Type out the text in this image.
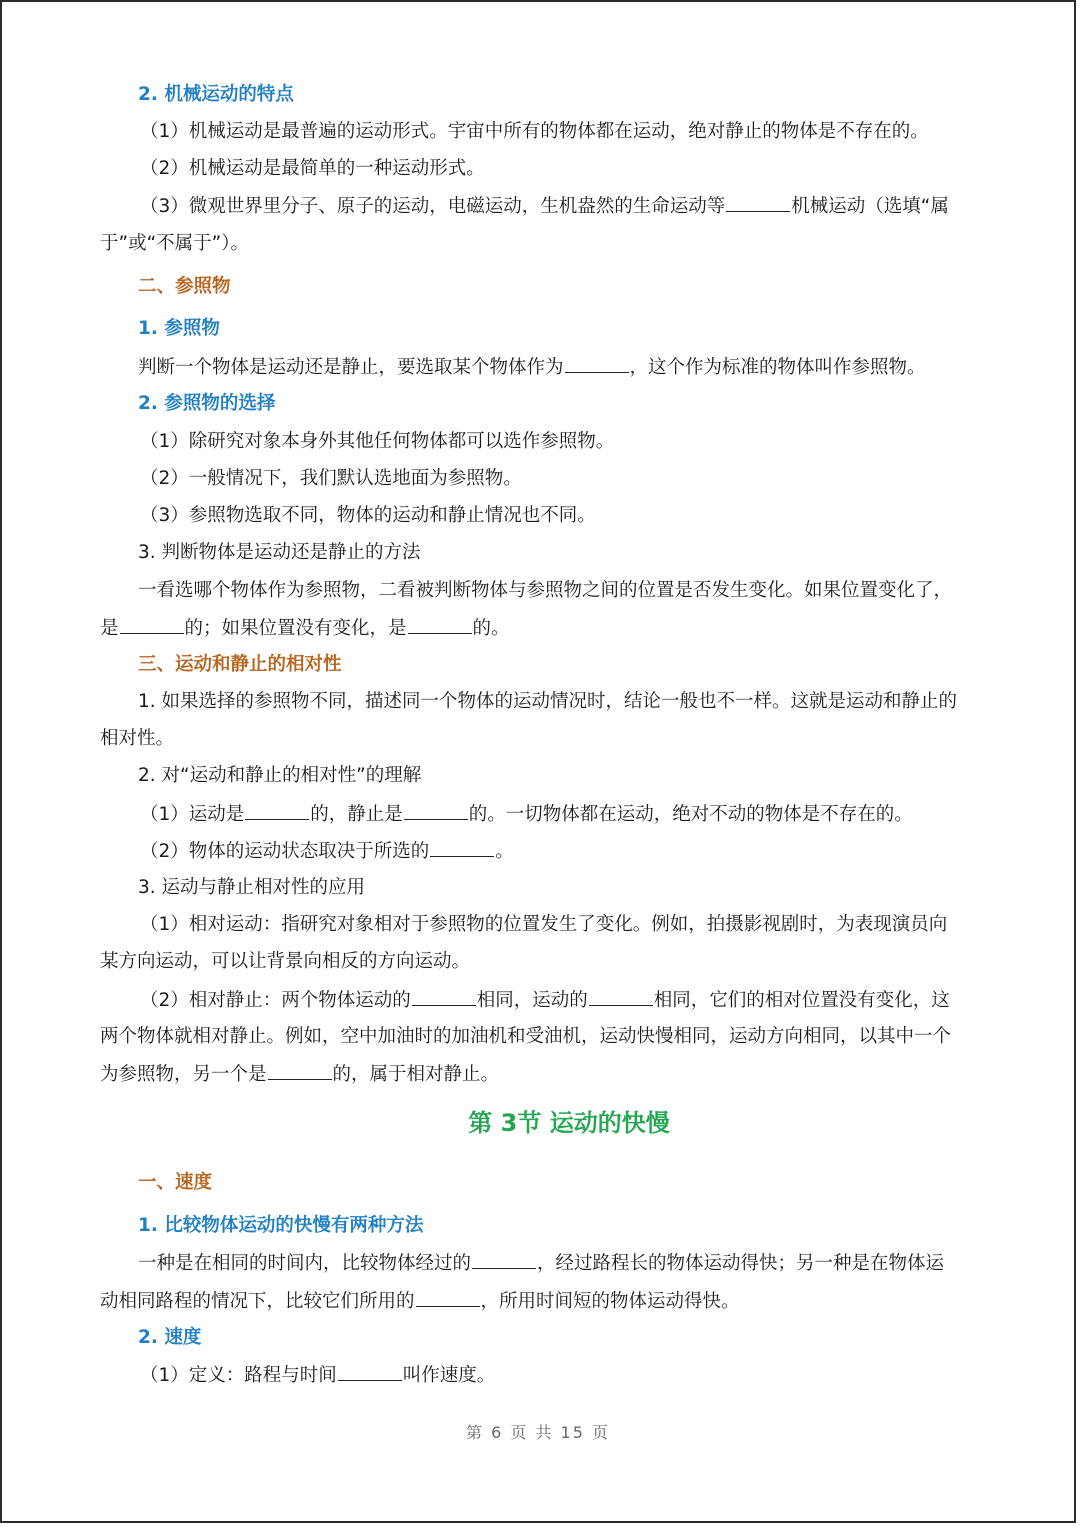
2. 机械运动的特点
（1）机械运动是最普遍的运动形式。宇宙中所有的物体都在运动，绝对静止的物体是不存在的。
（2）机械运动是最简单的一种运动形式。
（3）微观世界里分子、原子的运动，电磁运动，生机盎然的生命运动等	机械运动（选填“属
于”或“不属于”）。
二、参照物
1. 参照物
判断一个物体是运动还是静止，要选取某个物体作为	，这个作为标准的物体叫作参照物。
2. 参照物的选择
（1）除研究对象本身外其他任何物体都可以选作参照物。
（2）一般情况下，我们默认选地面为参照物。
（3）参照物选取不同，物体的运动和静止情况也不同。
3. 判断物体是运动还是静止的方法
一看选哪个物体作为参照物，二看被判断物体与参照物之间的位置是否发生变化。如果位置变化了，
是	的；如果位置没有变化，是	的。
三、运动和静止的相对性
1. 如果选择的参照物不同，描述同一个物体的运动情况时，结论一般也不一样。这就是运动和静止的
相对性。
2. 对“运动和静止的相对性”的理解
（1）运动是	的，静止是	的。一切物体都在运动，绝对不动的物体是不存在的。
（2）物体的运动状态取决于所选的	。
3. 运动与静止相对性的应用
（1）相对运动：指研究对象相对于参照物的位置发生了变化。例如，拍摄影视剧时，为表现演员向
某方向运动，可以让背景向相反的方向运动。
（2）相对静止：两个物体运动的	相同，运动的	相同，它们的相对位置没有变化，这
两个物体就相对静止。例如，空中加油时的加油机和受油机，运动快慢相同，运动方向相同，以其中一个
为参照物，另一个是	的，属于相对静止。
第 3节 运动的快慢
一、速度
1. 比较物体运动的快慢有两种方法
一种是在相同的时间内，比较物体经过的	，经过路程长的物体运动得快；另一种是在物体运
动相同路程的情况下，比较它们所用的	，所用时间短的物体运动得快。
2. 速度
（1）定义：路程与时间	叫作速度。
第 6 页 共 15 页
